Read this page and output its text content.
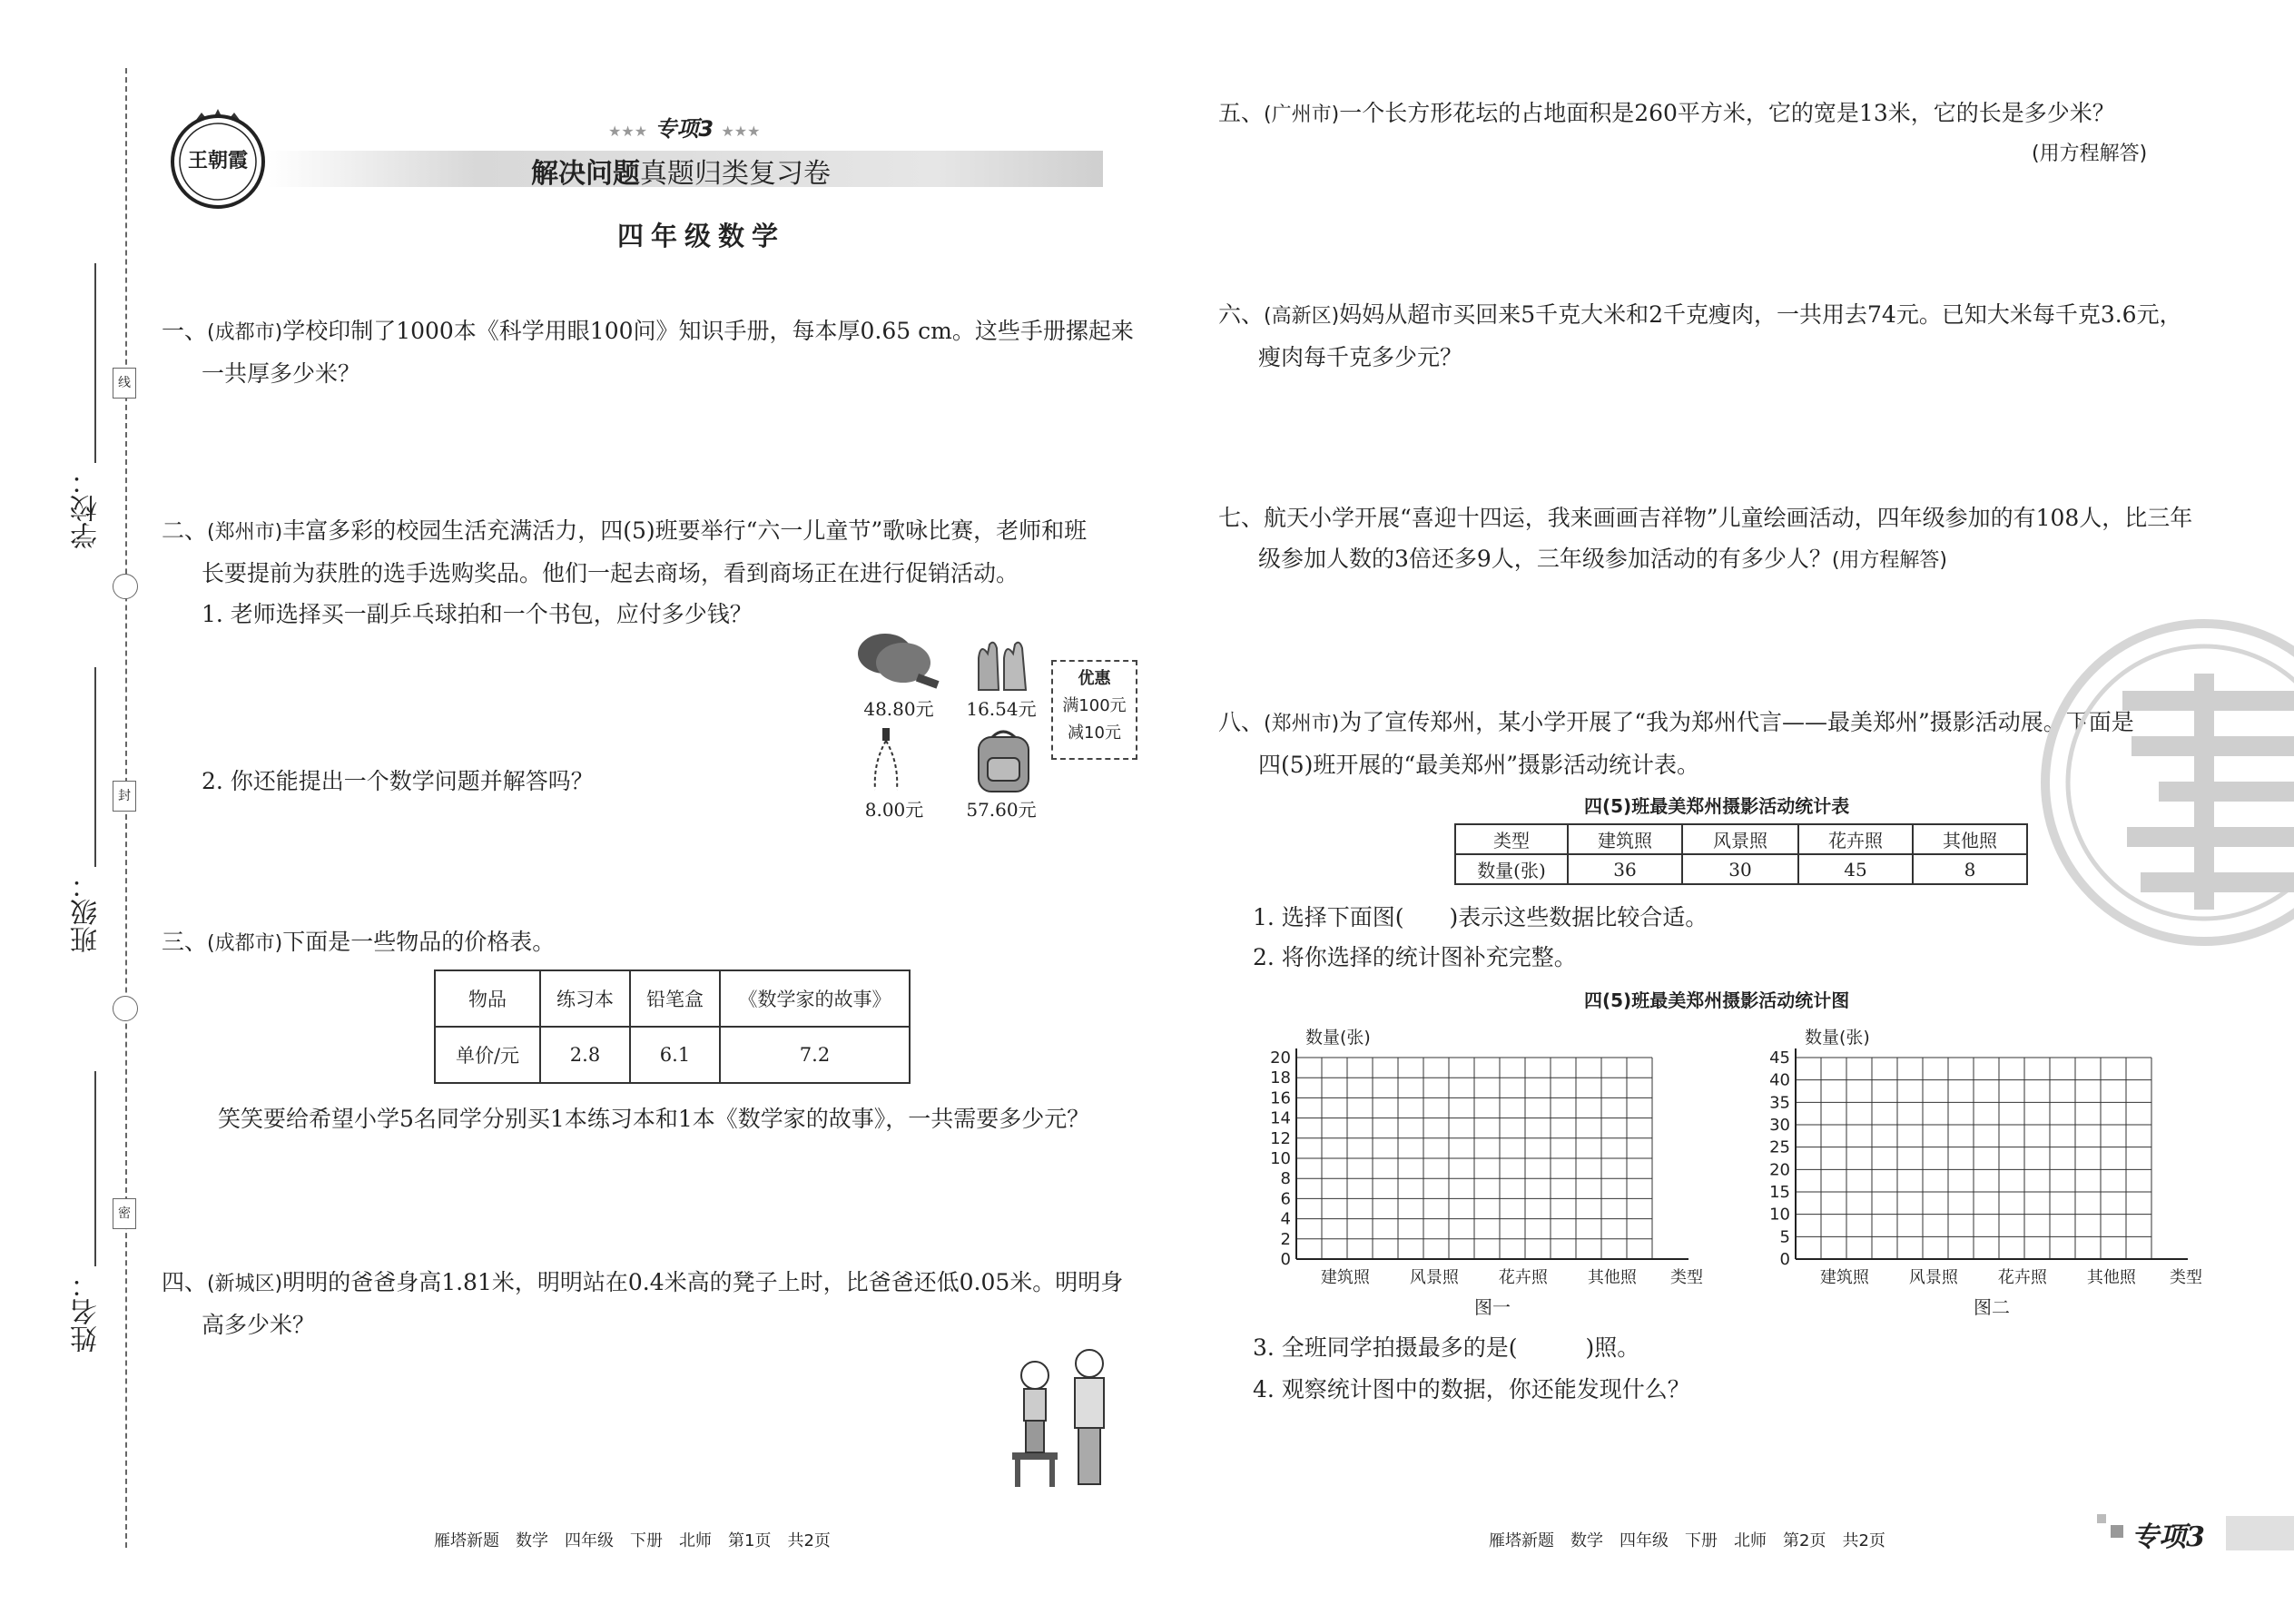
线
封
密
学校：
班级：
姓名：
王朝霞
★★★ 专项3 ★★★
解决问题真题归类复习卷
四年级数学
一、(成都市)学校印制了1000本《科学用眼100问》知识手册，每本厚0.65 cm。这些手册摞起来
一共厚多少米？
二、(郑州市)丰富多彩的校园生活充满活力，四(5)班要举行“六一儿童节”歌咏比赛，老师和班
长要提前为获胜的选手选购奖品。他们一起去商场，看到商场正在进行促销活动。
1. 老师选择买一副乒乓球拍和一个书包，应付多少钱？
2. 你还能提出一个数学问题并解答吗？
48.80元	16.54元
优惠
满100元
减10元
8.00元	57.60元
三、(成都市)下面是一些物品的价格表。
物品	练习本	铅笔盒	《数学家的故事》
单价/元	2.8	6.1	7.2
笑笑要给希望小学5名同学分别买1本练习本和1本《数学家的故事》，一共需要多少元？
四、(新城区)明明的爸爸身高1.81米，明明站在0.4米高的凳子上时，比爸爸还低0.05米。明明身
高多少米？
五、(广州市)一个长方形花坛的占地面积是260平方米，它的宽是13米，它的长是多少米？
(用方程解答)
六、(高新区)妈妈从超市买回来5千克大米和2千克瘦肉，一共用去74元。已知大米每千克3.6元，
瘦肉每千克多少元？
七、航天小学开展“喜迎十四运，我来画画吉祥物”儿童绘画活动，四年级参加的有108人，比三年
级参加人数的3倍还多9人，三年级参加活动的有多少人？(用方程解答)
八、(郑州市)为了宣传郑州，某小学开展了“我为郑州代言——最美郑州”摄影活动展。下面是
四(5)班开展的“最美郑州”摄影活动统计表。
四(5)班最美郑州摄影活动统计表
类型	建筑照	风景照	花卉照	其他照
数量(张)	36	30	45	8
1. 选择下面图(　　)表示这些数据比较合适。
2. 将你选择的统计图补充完整。
四(5)班最美郑州摄影活动统计图
数量(张)
0
2
4
6
8
10
12
14
16
18
20
建筑照 风景照 花卉照 其他照 类型
图一
数量(张)
0
5
10
15
20
25
30
35
40
45
建筑照 风景照 花卉照 其他照 类型
图二
3. 全班同学拍摄最多的是(　　　)照。
4. 观察统计图中的数据，你还能发现什么？
雁塔新题　数学　四年级　下册　北师　第1页　共2页	雁塔新题　数学　四年级　下册　北师　第2页　共2页	专项3
